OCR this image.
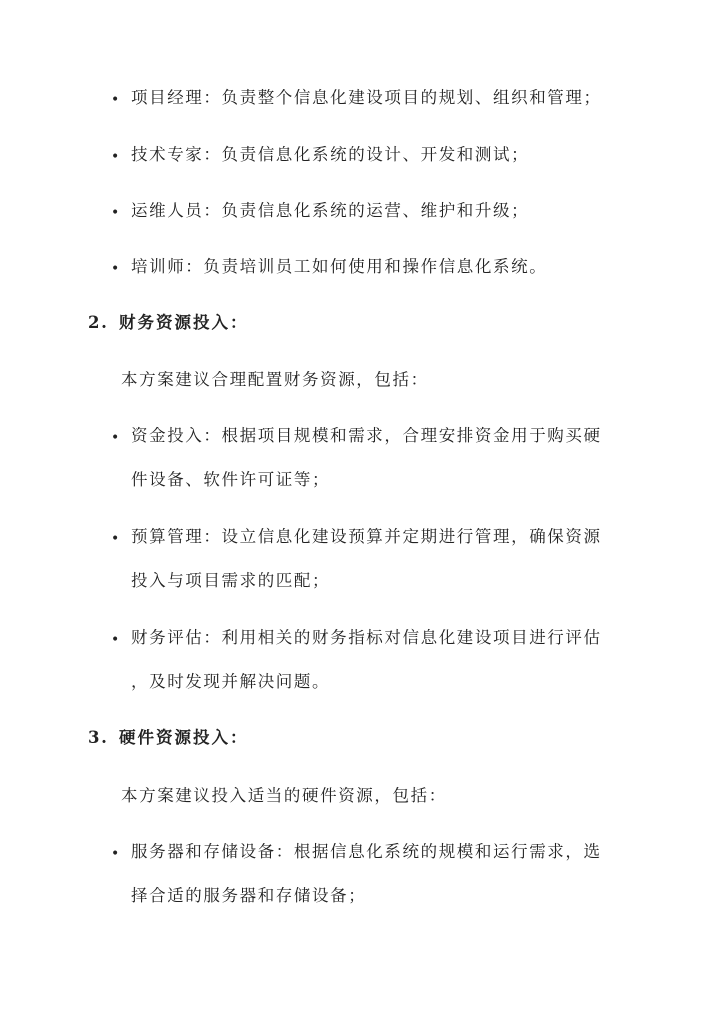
• 项目经理：负责整个信息化建设项目的规划、组织和管理；
• 技术专家：负责信息化系统的设计、开发和测试；
• 运维人员：负责信息化系统的运营、维护和升级；
• 培训师：负责培训员工如何使用和操作信息化系统。
2. 财务资源投入：
本方案建议合理配置财务资源，包括：
• 资金投入：根据项目规模和需求，合理安排资金用于购买硬
件设备、软件许可证等；
• 预算管理：设立信息化建设预算并定期进行管理，确保资源
投入与项目需求的匹配；
• 财务评估：利用相关的财务指标对信息化建设项目进行评估
，及时发现并解决问题。
3. 硬件资源投入：
本方案建议投入适当的硬件资源，包括：
• 服务器和存储设备：根据信息化系统的规模和运行需求，选
择合适的服务器和存储设备；
